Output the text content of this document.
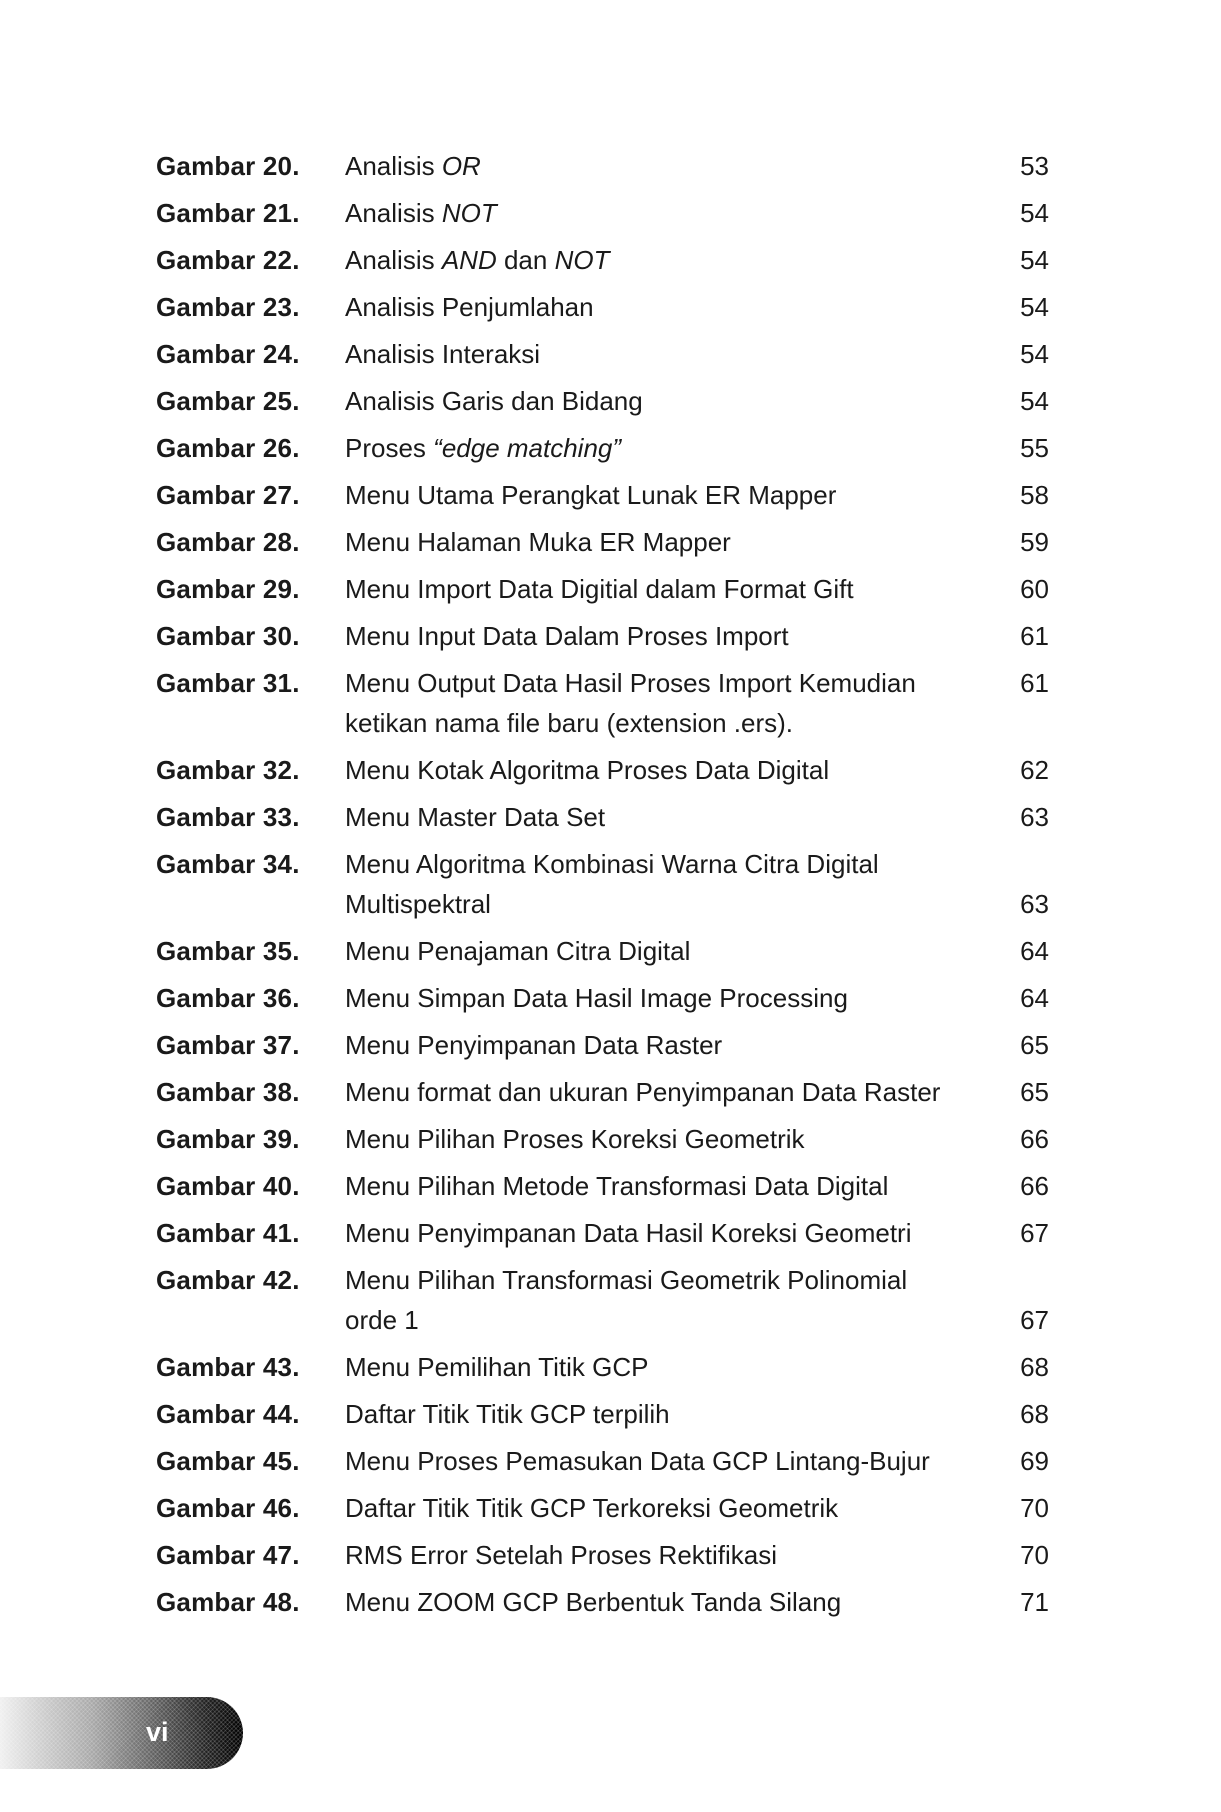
Gambar 20.	Analisis OR	53
Gambar 21.	Analisis NOT	54
Gambar 22.	Analisis AND dan NOT	54
Gambar 23.	Analisis Penjumlahan	54
Gambar 24.	Analisis Interaksi	54
Gambar 25.	Analisis Garis dan Bidang	54
Gambar 26.	Proses “edge matching”	55
Gambar 27.	Menu Utama Perangkat Lunak ER Mapper	58
Gambar 28.	Menu Halaman Muka ER Mapper	59
Gambar 29.	Menu Import Data Digitial dalam Format Gift	60
Gambar 30.	Menu Input Data Dalam Proses Import	61
Gambar 31.	Menu Output Data Hasil Proses Import Kemudian
ketikan nama file baru (extension .ers).
61
Gambar 32.	Menu Kotak Algoritma Proses Data Digital	62
Gambar 33.	Menu Master Data Set	63
Gambar 34.	Menu Algoritma Kombinasi Warna Citra Digital
Multispektral	63
Gambar 35.	Menu Penajaman Citra Digital	64
Gambar 36.	Menu Simpan Data Hasil Image Processing	64
Gambar 37.	Menu Penyimpanan Data Raster	65
Gambar 38.	Menu format dan ukuran Penyimpanan Data Raster	65
Gambar 39.	Menu Pilihan Proses Koreksi Geometrik	66
Gambar 40.	Menu Pilihan Metode Transformasi Data Digital	66
Gambar 41.	Menu Penyimpanan Data Hasil Koreksi Geometri	67
Gambar 42.	Menu Pilihan Transformasi Geometrik Polinomial
orde 1	67
Gambar 43.	Menu Pemilihan Titik GCP	68
Gambar 44.	Daftar Titik Titik GCP terpilih	68
Gambar 45.	Menu Proses Pemasukan Data GCP Lintang-Bujur	69
Gambar 46.	Daftar Titik Titik GCP Terkoreksi Geometrik	70
Gambar 47.	RMS Error Setelah Proses Rektifikasi	70
Gambar 48.	Menu ZOOM GCP Berbentuk Tanda Silang	71
vi
